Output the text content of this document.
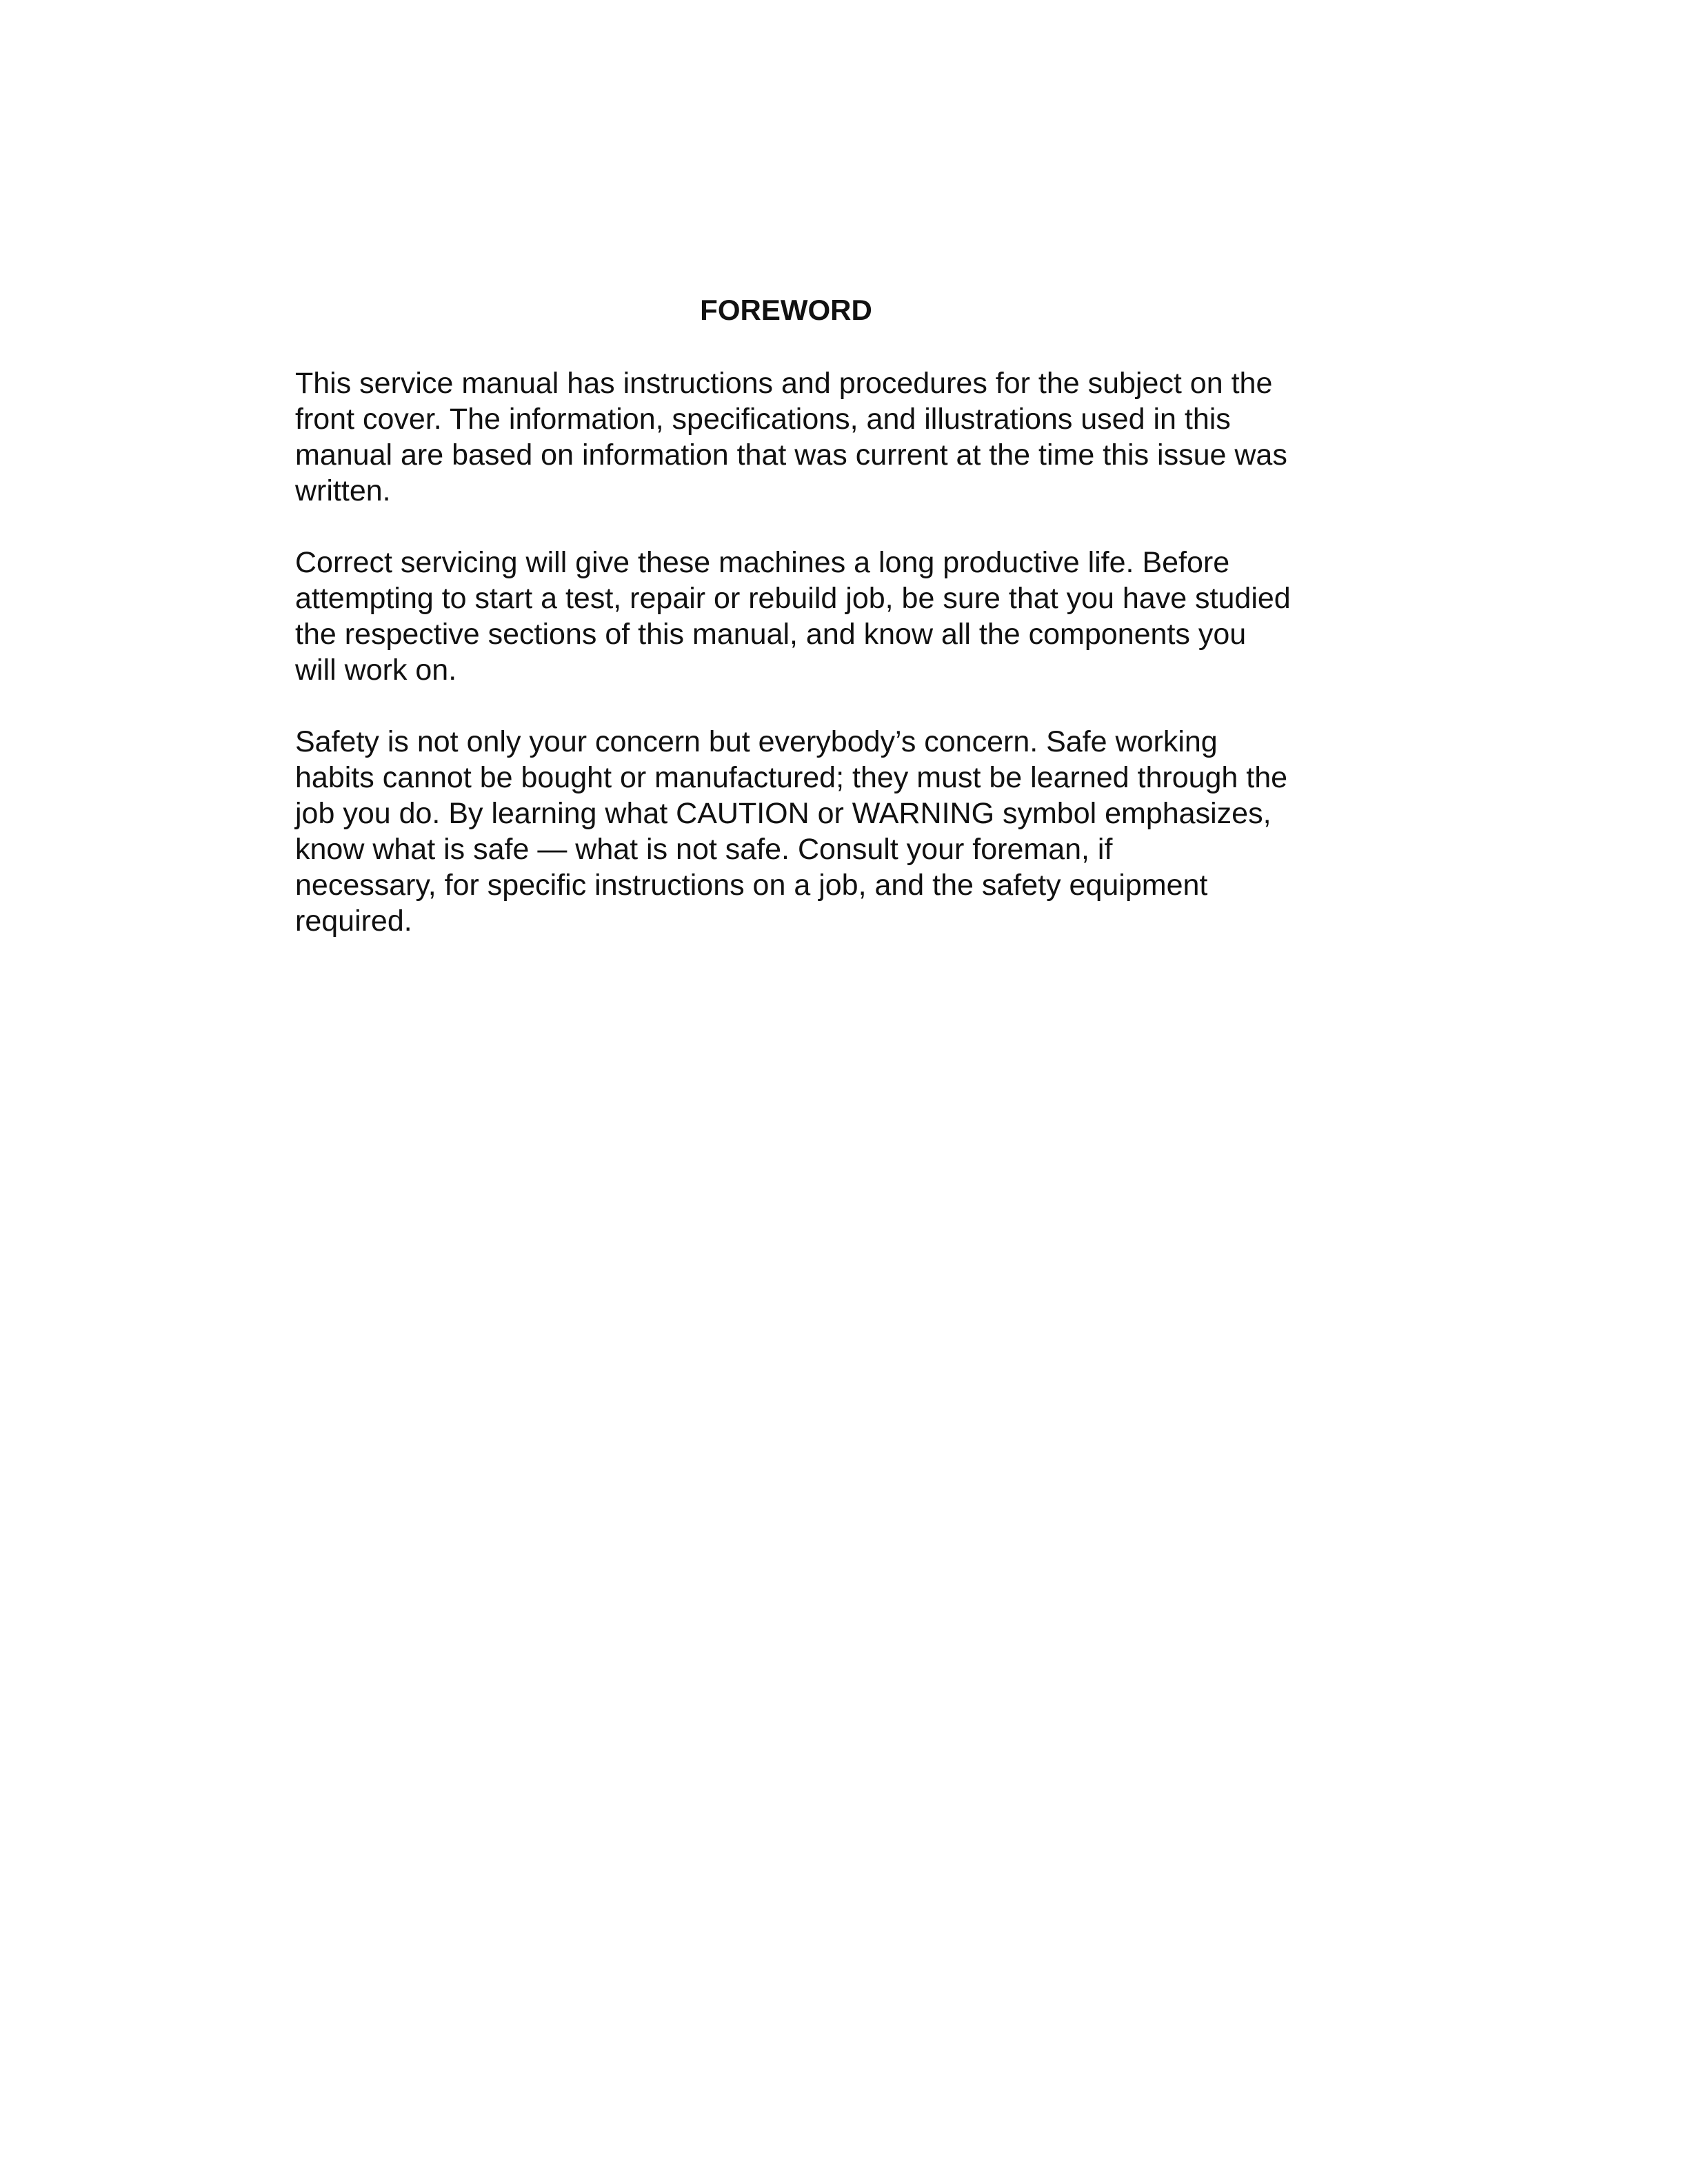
FOREWORD

This service manual has instructions and procedures for the subject on the
front cover. The information, specifications, and illustrations used in this
manual are based on information that was current at the time this issue was
written.

Correct servicing will give these machines a long productive life. Before
attempting to start a test, repair or rebuild job, be sure that you have studied
the respective sections of this manual, and know all the components you
will work on.

Safety is not only your concern but everybody’s concern. Safe working
habits cannot be bought or manufactured; they must be learned through the
job you do. By learning what CAUTION or WARNING symbol emphasizes,
know what is safe — what is not safe. Consult your foreman, if
necessary, for specific instructions on a job, and the safety equipment
required.
